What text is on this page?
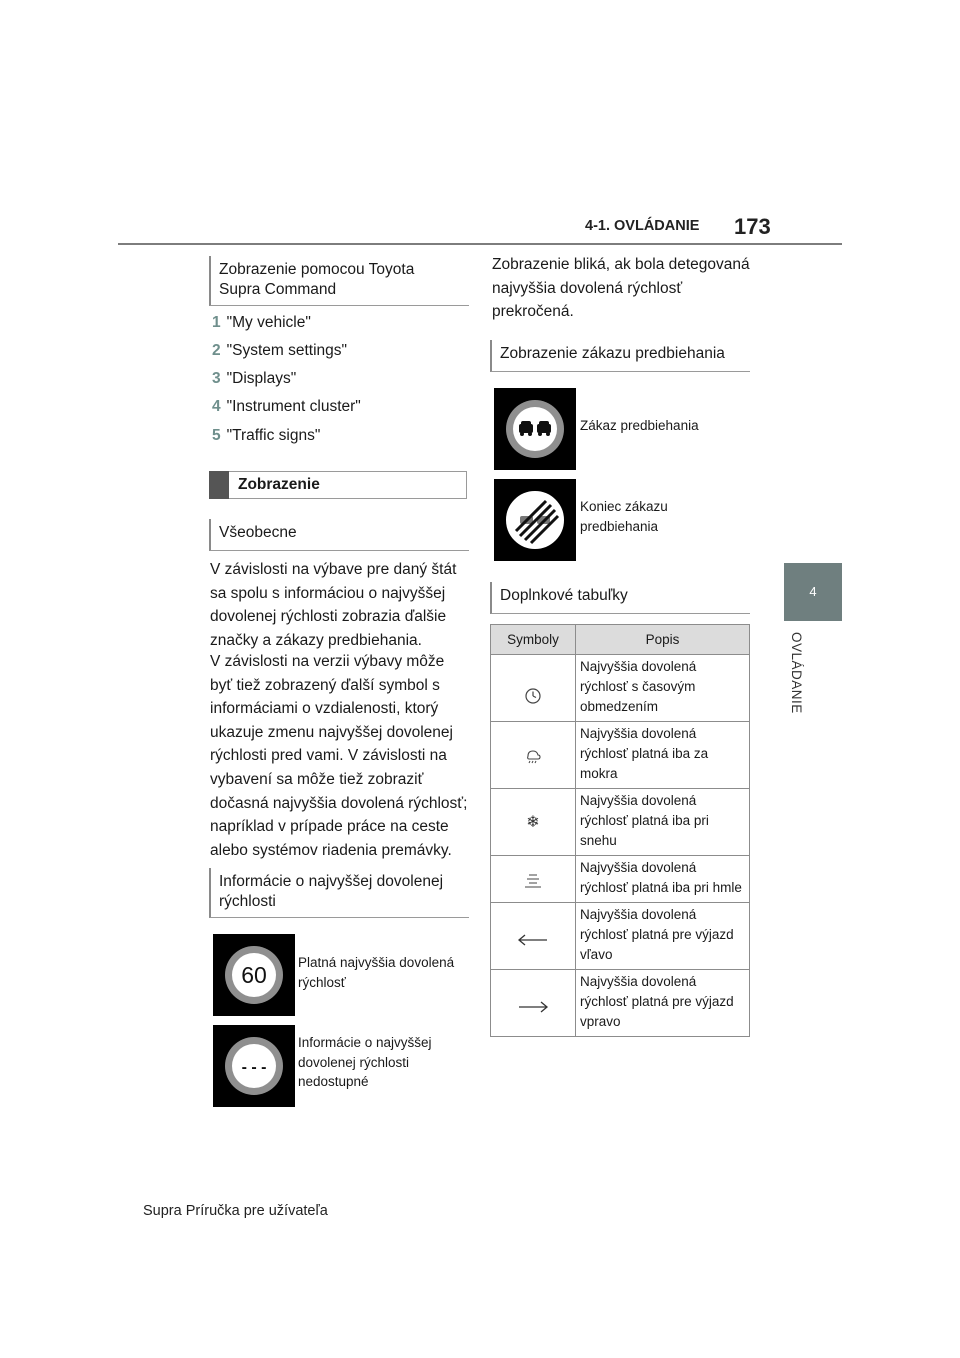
4-1. OVLÁDANIE 173
4
OVLÁDANIE
Zobrazenie pomocou Toyota Supra Command
1 "My vehicle"
2 "System settings"
3 "Displays"
4 "Instrument cluster"
5 "Traffic signs"
Zobrazenie
Všeobecne
V závislosti na výbave pre daný štát sa spolu s informáciou o najvyššej dovolenej rýchlosti zobrazia ďalšie značky a zákazy predbiehania.
V závislosti na verzii výbavy môže byť tiež zobrazený ďalší symbol s informáciami o vzdialenosti, ktorý ukazuje zmenu najvyššej dovolenej rýchlosti pred vami. V závislosti na vybavení sa môže tiež zobraziť dočasná najvyššia dovolená rýchlosť; napríklad v prípade práce na ceste alebo systémov riadenia premávky.
Informácie o najvyššej dovolenej rýchlosti
60 Platná najvyššia dovolená rýchlosť
- - -
Informácie o najvyššej dovolenej rýchlosti nedostupné
Zobrazenie bliká, ak bola detegovaná najvyššia dovolená rýchlosť prekročená.
Zobrazenie zákazu predbiehania
Zákaz predbiehania
Koniec zákazu predbiehania
Doplnkové tabuľky
Symboly	Popis
	Najvyššia dovolená rýchlosť s časovým obmedzením
	Najvyššia dovolená rýchlosť platná iba za mokra
❄	Najvyššia dovolená rýchlosť platná iba pri snehu
	Najvyššia dovolená rýchlosť platná iba pri hmle
	Najvyššia dovolená rýchlosť platná pre výjazd vľavo
	Najvyššia dovolená rýchlosť platná pre výjazd vpravo
Supra Príručka pre užívateľa
